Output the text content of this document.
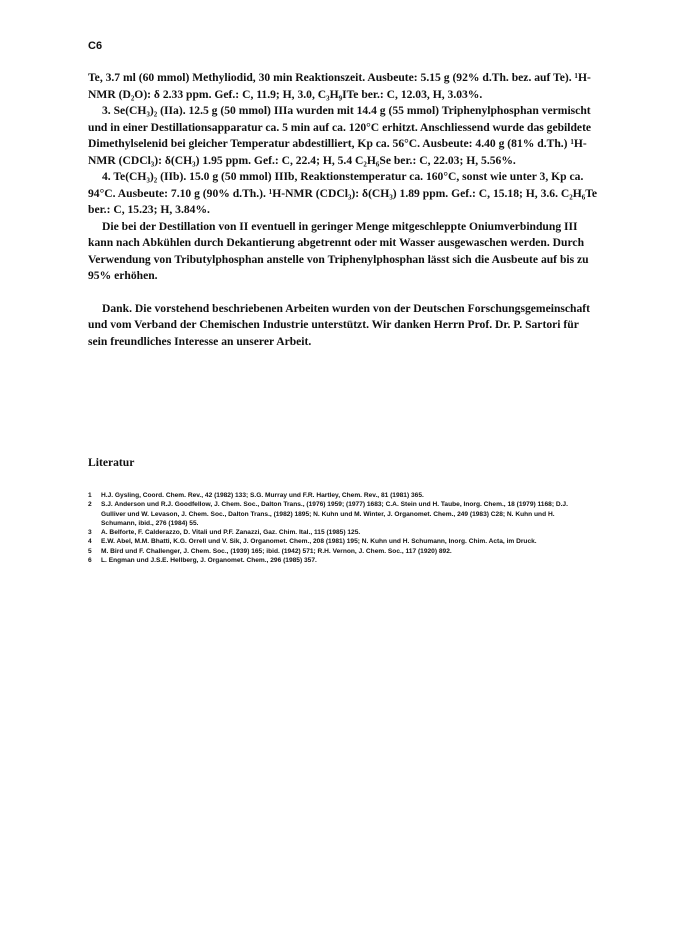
C6

Te, 3.7 ml (60 mmol) Methyliodid, 30 min Reaktionszeit. Ausbeute: 5.15 g (92% d.Th. bez. auf Te). ¹H-NMR (D₂O): δ 2.33 ppm. Gef.: C, 11.9; H, 3.0, C₃H₉ITe ber.: C, 12.03, H, 3.03%.

3. Se(CH₃)₂ (IIa). 12.5 g (50 mmol) IIIa wurden mit 14.4 g (55 mmol) Triphenylphosphan vermischt und in einer Destillationsapparatur ca. 5 min auf ca. 120°C erhitzt. Anschliessend wurde das gebildete Dimethylselenid bei gleicher Temperatur abdestilliert, Kp ca. 56°C. Ausbeute: 4.40 g (81% d.Th.) ¹H-NMR (CDCl₃): δ(CH₃) 1.95 ppm. Gef.: C, 22.4; H, 5.4 C₂H₆Se ber.: C, 22.03; H, 5.56%.

4. Te(CH₃)₂ (IIb). 15.0 g (50 mmol) IIIb, Reaktionstemperatur ca. 160°C, sonst wie unter 3, Kp ca. 94°C. Ausbeute: 7.10 g (90% d.Th.). ¹H-NMR (CDCl₃): δ(CH₃) 1.89 ppm. Gef.: C, 15.18; H, 3.6. C₂H₆Te ber.: C, 15.23; H, 3.84%.

Die bei der Destillation von II eventuell in geringer Menge mitgeschleppte Oniumverbindung III kann nach Abkühlen durch Dekantierung abgetrennt oder mit Wasser ausgewaschen werden. Durch Verwendung von Tributylphosphan anstelle von Triphenylphosphan lässt sich die Ausbeute auf bis zu 95% erhöhen.

Dank. Die vorstehend beschriebenen Arbeiten wurden von der Deutschen Forschungsgemeinschaft und vom Verband der Chemischen Industrie unterstützt. Wir danken Herrn Prof. Dr. P. Sartori für sein freundliches Interesse an unserer Arbeit.

Literatur
1	H.J. Gysling, Coord. Chem. Rev., 42 (1982) 133; S.G. Murray und F.R. Hartley, Chem. Rev., 81 (1981) 365.
2	S.J. Anderson und R.J. Goodfellow, J. Chem. Soc., Dalton Trans., (1976) 1959; (1977) 1683; C.A. Stein und H. Taube, Inorg. Chem., 18 (1979) 1168; D.J. Gulliver und W. Levason, J. Chem. Soc., Dalton Trans., (1982) 1895; N. Kuhn und M. Winter, J. Organomet. Chem., 249 (1983) C28; N. Kuhn und H. Schumann, ibid., 276 (1984) 55.
3	A. Belforte, F. Calderazzo, D. Vitali und P.F. Zanazzi, Gaz. Chim. Ital., 115 (1985) 125.
4	E.W. Abel, M.M. Bhatti, K.G. Orrell und V. Sik, J. Organomet. Chem., 208 (1981) 195; N. Kuhn und H. Schumann, Inorg. Chim. Acta, im Druck.
5	M. Bird und F. Challenger, J. Chem. Soc., (1939) 165; ibid. (1942) 571; R.H. Vernon, J. Chem. Soc., 117 (1920) 892.
6	L. Engman und J.S.E. Hellberg, J. Organomet. Chem., 296 (1985) 357.
